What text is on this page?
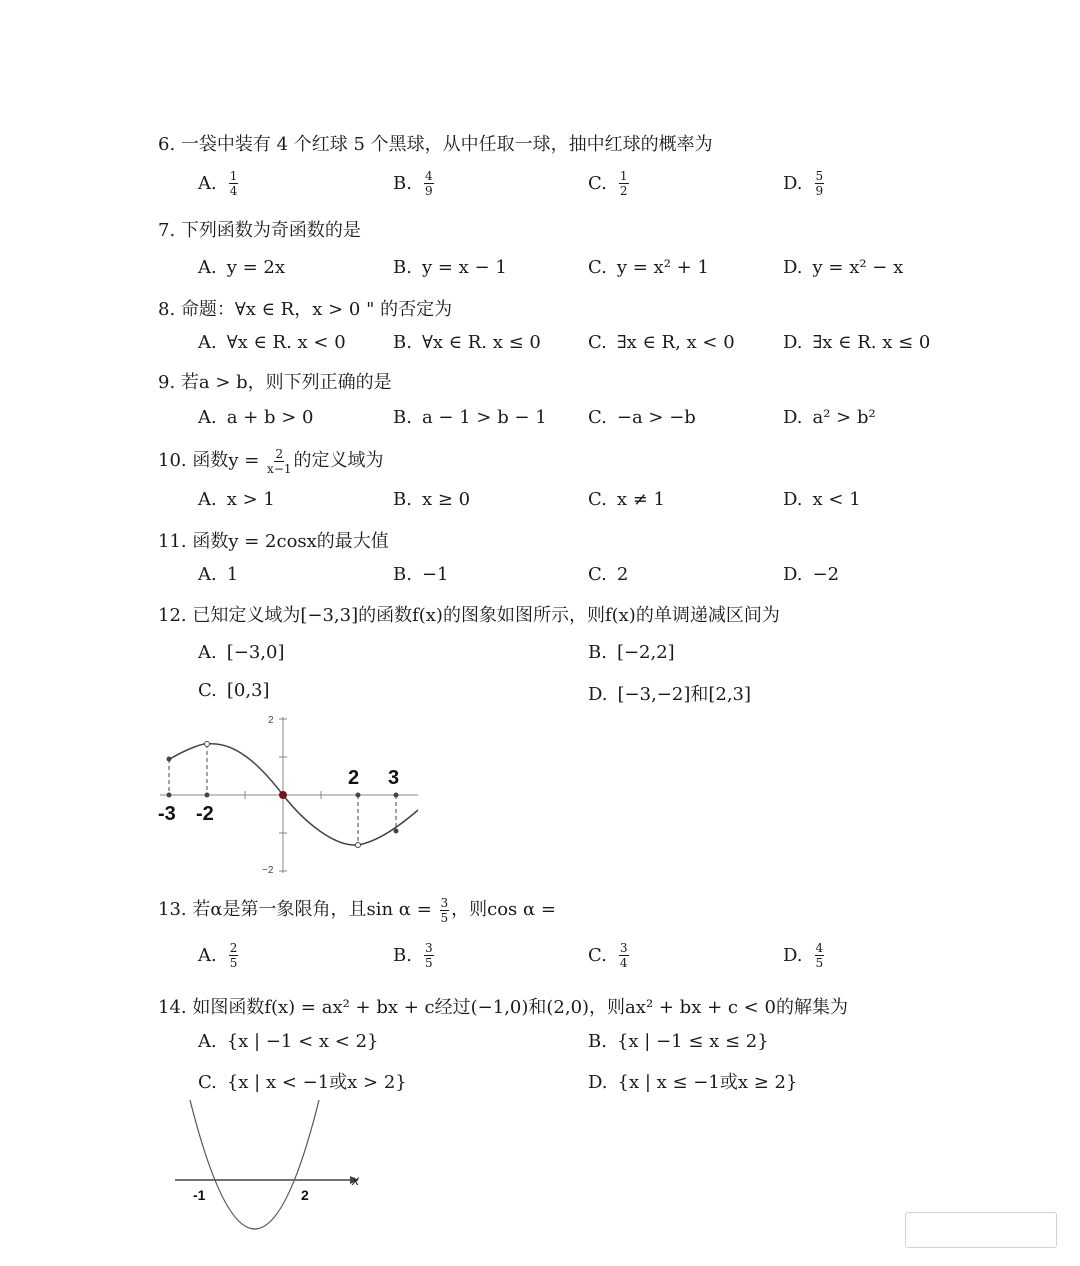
6. 一袋中装有 4 个红球 5 个黑球，从中任取一球，抽中红球的概率为
A. $\frac{1}{4}$	B. $\frac{4}{9}$	C. $\frac{1}{2}$	D. $\frac{5}{9}$
7. 下列函数为奇函数的是
A. y = 2x	B. y = x − 1	C. y = x² + 1	D. y = x² − x
8. 命题：∀x ∈ R，x > 0 " 的否定为
A. ∀x ∈ R. x < 0	B. ∀x ∈ R. x ≤ 0	C. ∃x ∈ R, x < 0	D. ∃x ∈ R. x ≤ 0
9. 若a > b，则下列正确的是
A. a + b > 0	B. a − 1 > b − 1 C. −a > −b	D. a² > b²
10. 函数$y = \frac{2}{x-1}$ 的定义域为
A. x > 1	B. x ≥ 0	C. x ≠ 1	D. x < 1
11. 函数y = 2cosx的最大值
A. 1	B. −1	C. 2	D. −2
12. 已知定义域为[−3,3]的函数f(x)的图象如图所示，则f(x)的单调递减区间为
A. [−3,0]	B. [−2,2]
C. [0,3]	D. [−3,−2]和[2,3]
2
−2
2 3
-3 -2
13. 若α是第一象限角，且$\sin \alpha = \frac{3}{5}$ ，则cos α =
A. $\frac{2}{5}$	B. $\frac{3}{5}$	C. $\frac{3}{4}$	D. $\frac{4}{5}$
14. 如图函数f(x) = ax² + bx + c经过(−1,0)和(2,0)，则ax² + bx + c < 0的解集为
A. {x | −1 < x < 2}	B. {x | −1 ≤ x ≤ 2}
C. {x | x < −1或x > 2}	D. {x | x ≤ −1或x ≥ 2}
x
-1	2
